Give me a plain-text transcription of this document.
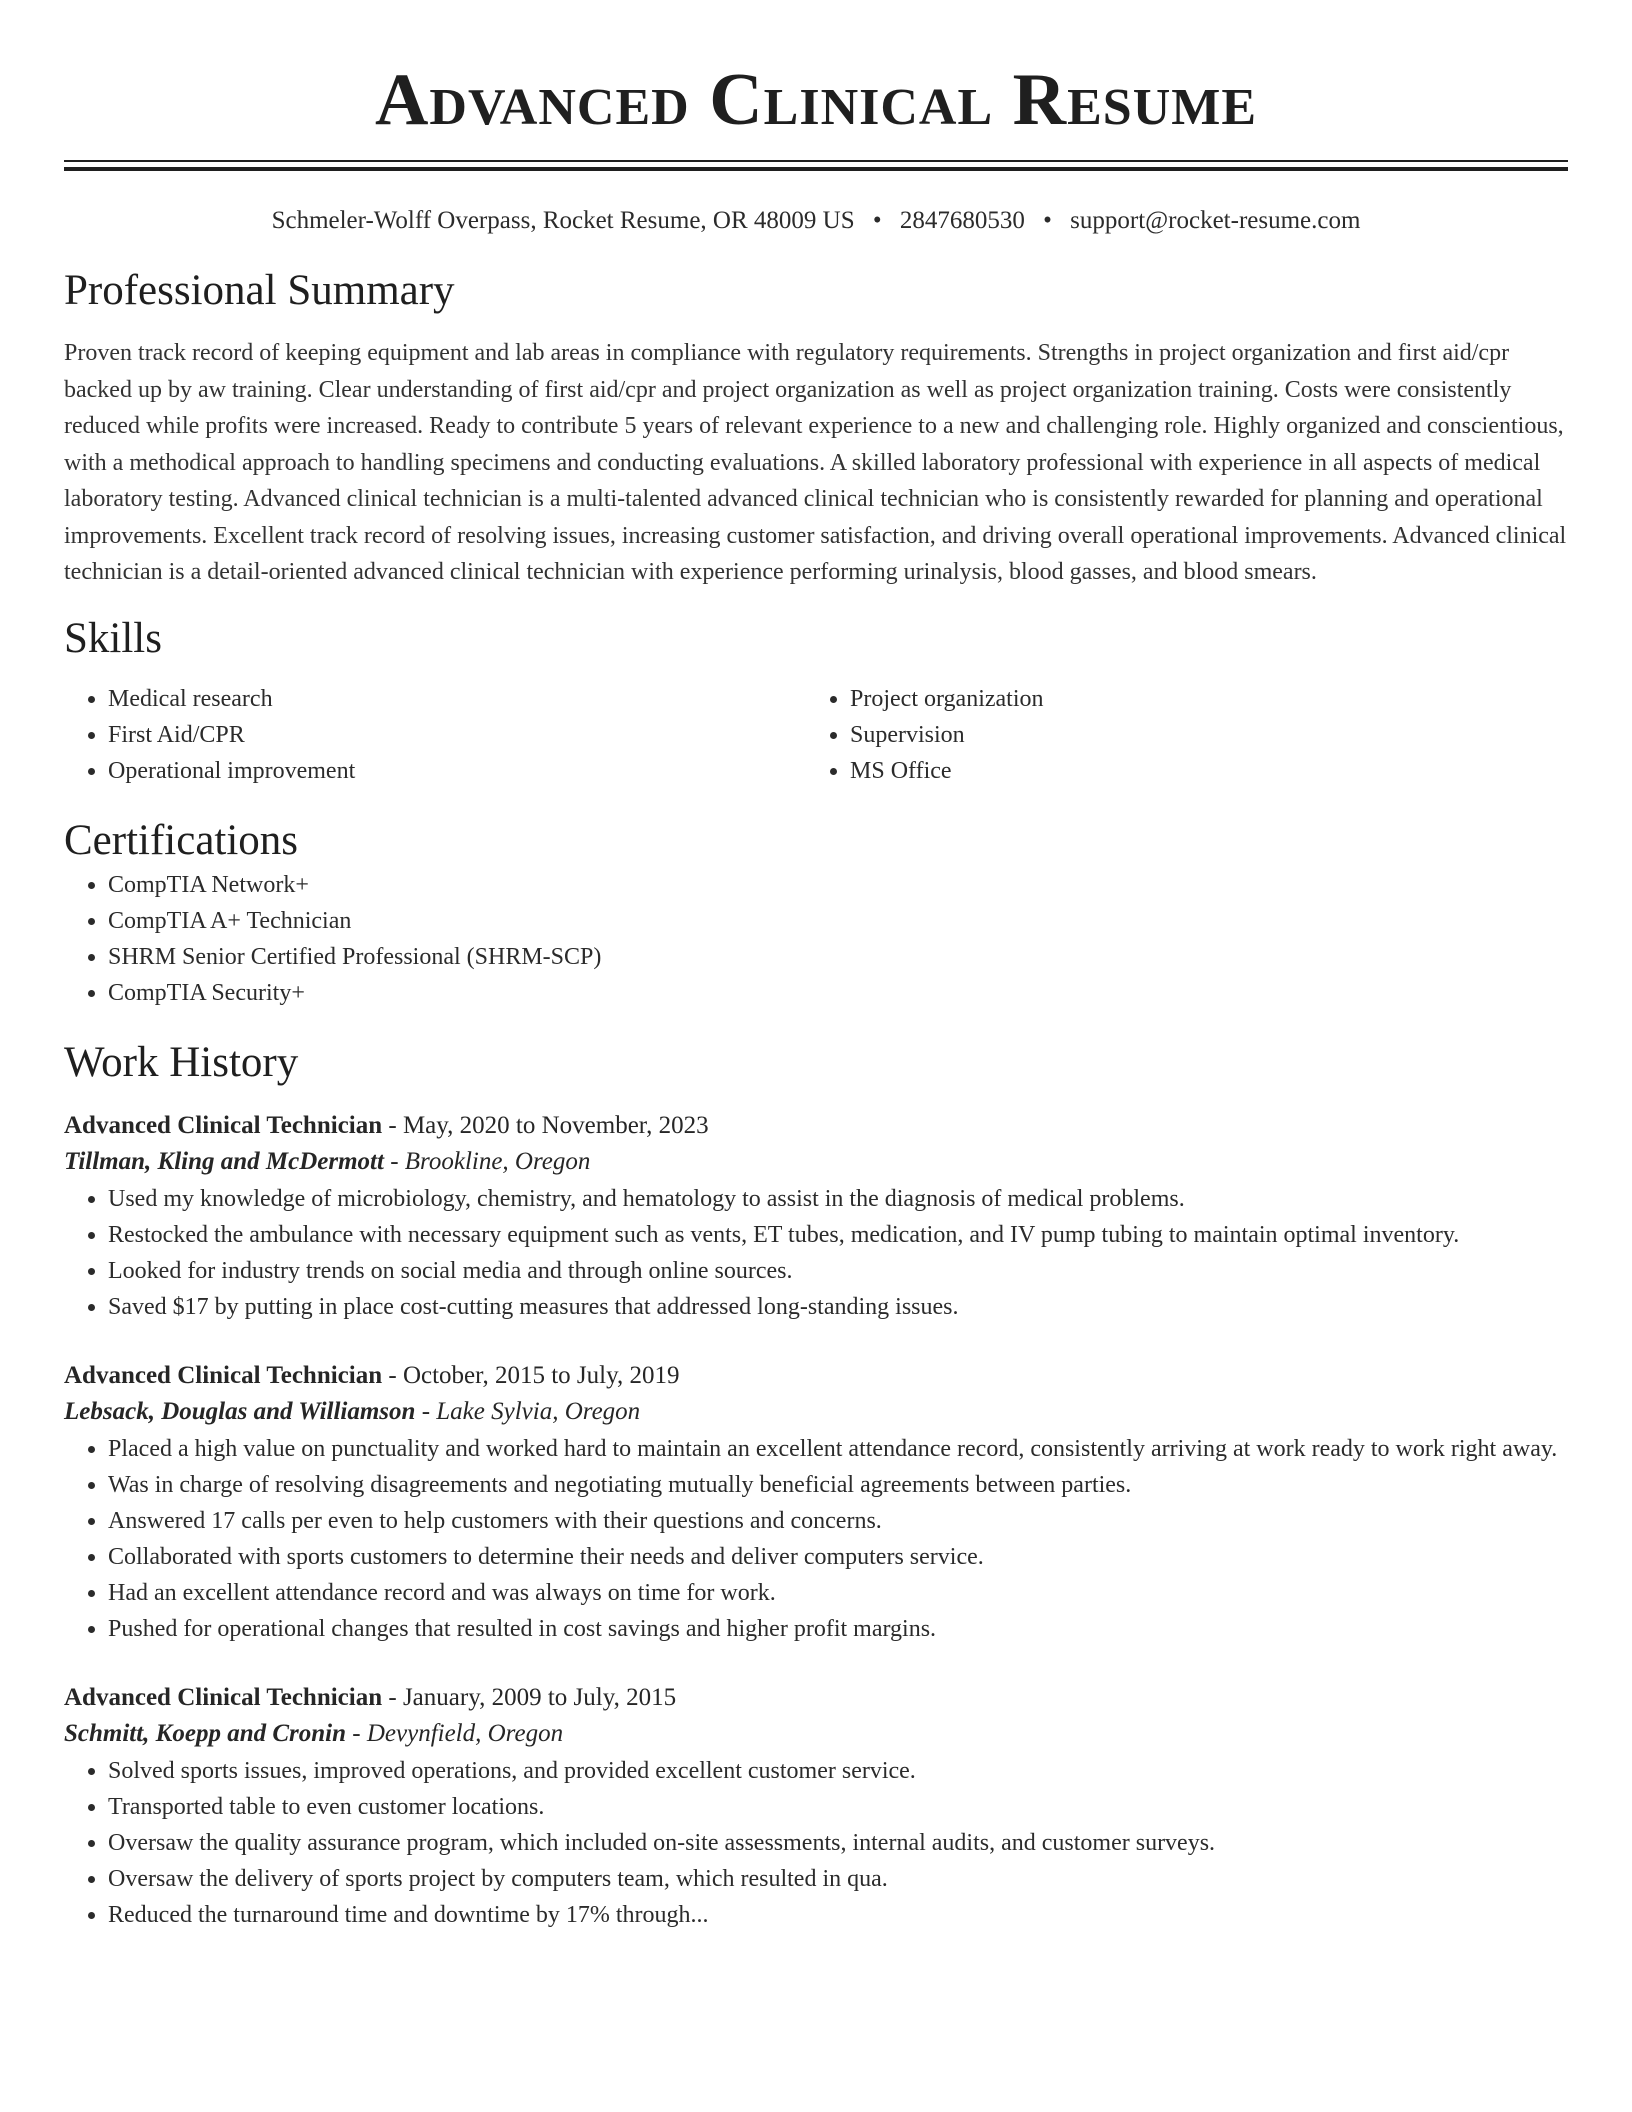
Advanced Clinical Resume
Schmeler-Wolff Overpass, Rocket Resume, OR 48009 US • 2847680530 • support@rocket-resume.com
Professional Summary

Proven track record of keeping equipment and lab areas in compliance with regulatory requirements. Strengths in project organization and first aid/cpr backed up by aw training. Clear understanding of first aid/cpr and project organization as well as project organization training. Costs were consistently reduced while profits were increased. Ready to contribute 5 years of relevant experience to a new and challenging role. Highly organized and conscientious, with a methodical approach to handling specimens and conducting evaluations. A skilled laboratory professional with experience in all aspects of medical laboratory testing. Advanced clinical technician is a multi-talented advanced clinical technician who is consistently rewarded for planning and operational improvements. Excellent track record of resolving issues, increasing customer satisfaction, and driving overall operational improvements. Advanced clinical technician is a detail-oriented advanced clinical technician with experience performing urinalysis, blood gasses, and blood smears.

Skills
• Medical research
• First Aid/CPR
• Operational improvement
• Project organization
• Supervision
• MS Office
Certifications
• CompTIA Network+
• CompTIA A+ Technician
• SHRM Senior Certified Professional (SHRM-SCP)
• CompTIA Security+
Work History
Advanced Clinical Technician - May, 2020 to November, 2023
Tillman, Kling and McDermott - Brookline, Oregon
• Used my knowledge of microbiology, chemistry, and hematology to assist in the diagnosis of medical problems.
• Restocked the ambulance with necessary equipment such as vents, ET tubes, medication, and IV pump tubing to maintain optimal inventory.
• Looked for industry trends on social media and through online sources.
• Saved $17 by putting in place cost-cutting measures that addressed long-standing issues.
Advanced Clinical Technician - October, 2015 to July, 2019
Lebsack, Douglas and Williamson - Lake Sylvia, Oregon
• Placed a high value on punctuality and worked hard to maintain an excellent attendance record, consistently arriving at work ready to work right away.
• Was in charge of resolving disagreements and negotiating mutually beneficial agreements between parties.
• Answered 17 calls per even to help customers with their questions and concerns.
• Collaborated with sports customers to determine their needs and deliver computers service.
• Had an excellent attendance record and was always on time for work.
• Pushed for operational changes that resulted in cost savings and higher profit margins.
Advanced Clinical Technician - January, 2009 to July, 2015
Schmitt, Koepp and Cronin - Devynfield, Oregon
• Solved sports issues, improved operations, and provided excellent customer service.
• Transported table to even customer locations.
• Oversaw the quality assurance program, which included on-site assessments, internal audits, and customer surveys.
• Oversaw the delivery of sports project by computers team, which resulted in qua.
• Reduced the turnaround time and downtime by 17% through...
